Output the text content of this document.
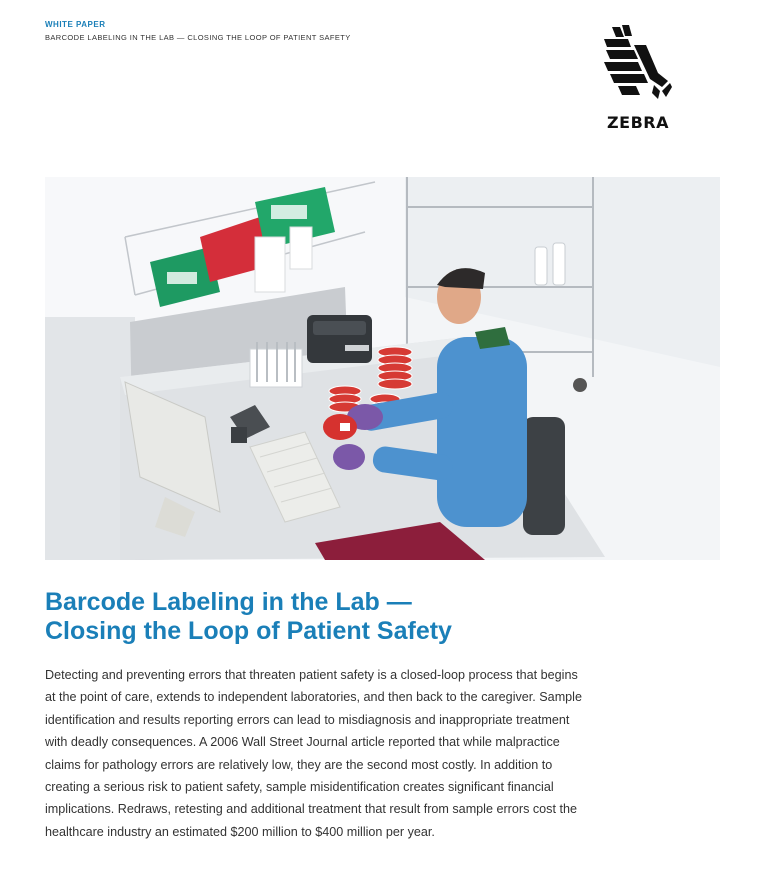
WHITE PAPER
BARCODE LABELING IN THE LAB — CLOSING THE LOOP OF PATIENT SAFETY
ZEBRA
Barcode Labeling in the Lab —
Closing the Loop of Patient Safety

Detecting and preventing errors that threaten patient safety is a closed-loop process that begins at the point of care, extends to independent laboratories, and then back to the caregiver. Sample identification and results reporting errors can lead to misdiagnosis and inappropriate treatment with deadly consequences. A 2006 Wall Street Journal article reported that while malpractice claims for pathology errors are relatively low, they are the second most costly. In addition to creating a serious risk to patient safety, sample misidentification creates significant financial implications. Redraws, retesting and additional treatment that result from sample errors cost the healthcare industry an estimated $200 million to $400 million per year.
